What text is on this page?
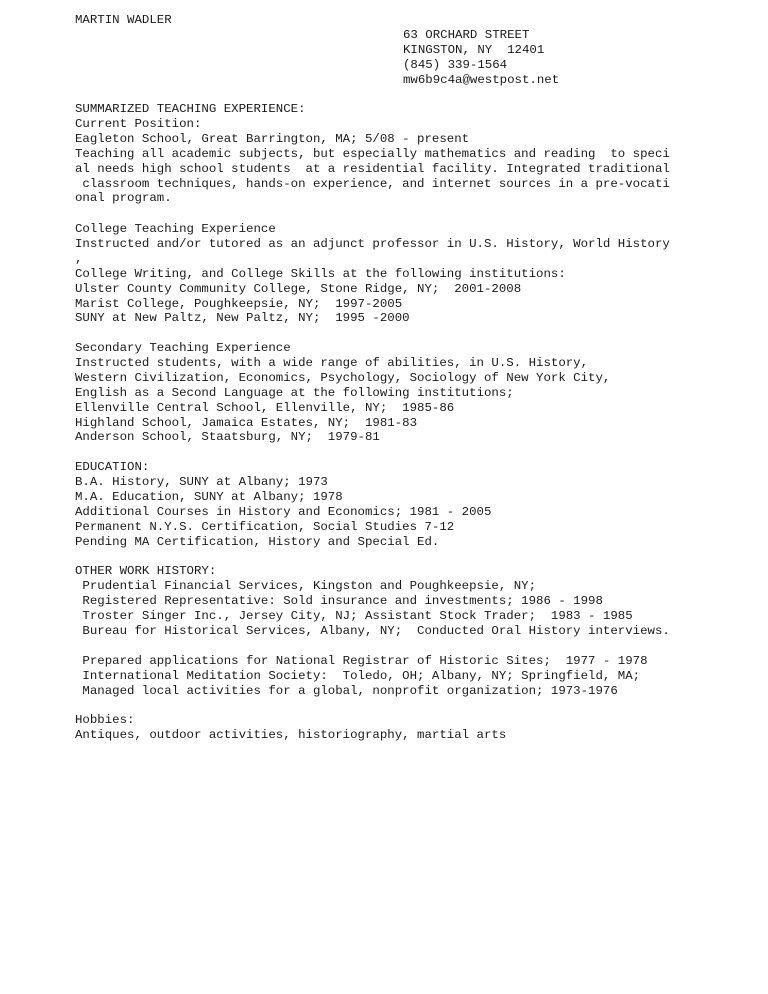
MARTIN WADLER
63 ORCHARD STREET
KINGSTON, NY  12401
(845) 339-1564
mw6b9c4a@westpost.net
SUMMARIZED TEACHING EXPERIENCE:
Current Position:
Eagleton School, Great Barrington, MA; 5/08 - present
Teaching all academic subjects, but especially mathematics and reading  to speci
al needs high school students  at a residential facility. Integrated traditional
classroom techniques, hands-on experience, and internet sources in a pre-vocati
onal program.
College Teaching Experience
Instructed and/or tutored as an adjunct professor in U.S. History, World History
,
College Writing, and College Skills at the following institutions:
Ulster County Community College, Stone Ridge, NY;  2001-2008
Marist College, Poughkeepsie, NY;  1997-2005
SUNY at New Paltz, New Paltz, NY;  1995 -2000
Secondary Teaching Experience
Instructed students, with a wide range of abilities, in U.S. History,
Western Civilization, Economics, Psychology, Sociology of New York City,
English as a Second Language at the following institutions;
Ellenville Central School, Ellenville, NY;  1985-86
Highland School, Jamaica Estates, NY;  1981-83
Anderson School, Staatsburg, NY;  1979-81
EDUCATION:
B.A. History, SUNY at Albany; 1973
M.A. Education, SUNY at Albany; 1978
Additional Courses in History and Economics; 1981 - 2005
Permanent N.Y.S. Certification, Social Studies 7-12
Pending MA Certification, History and Special Ed.
OTHER WORK HISTORY:
Prudential Financial Services, Kingston and Poughkeepsie, NY;
Registered Representative: Sold insurance and investments; 1986 - 1998
Troster Singer Inc., Jersey City, NJ; Assistant Stock Trader;  1983 - 1985
Bureau for Historical Services, Albany, NY;  Conducted Oral History interviews.
Prepared applications for National Registrar of Historic Sites;  1977 - 1978
International Meditation Society:  Toledo, OH; Albany, NY; Springfield, MA;
Managed local activities for a global, nonprofit organization; 1973-1976
Hobbies:
Antiques, outdoor activities, historiography, martial arts
